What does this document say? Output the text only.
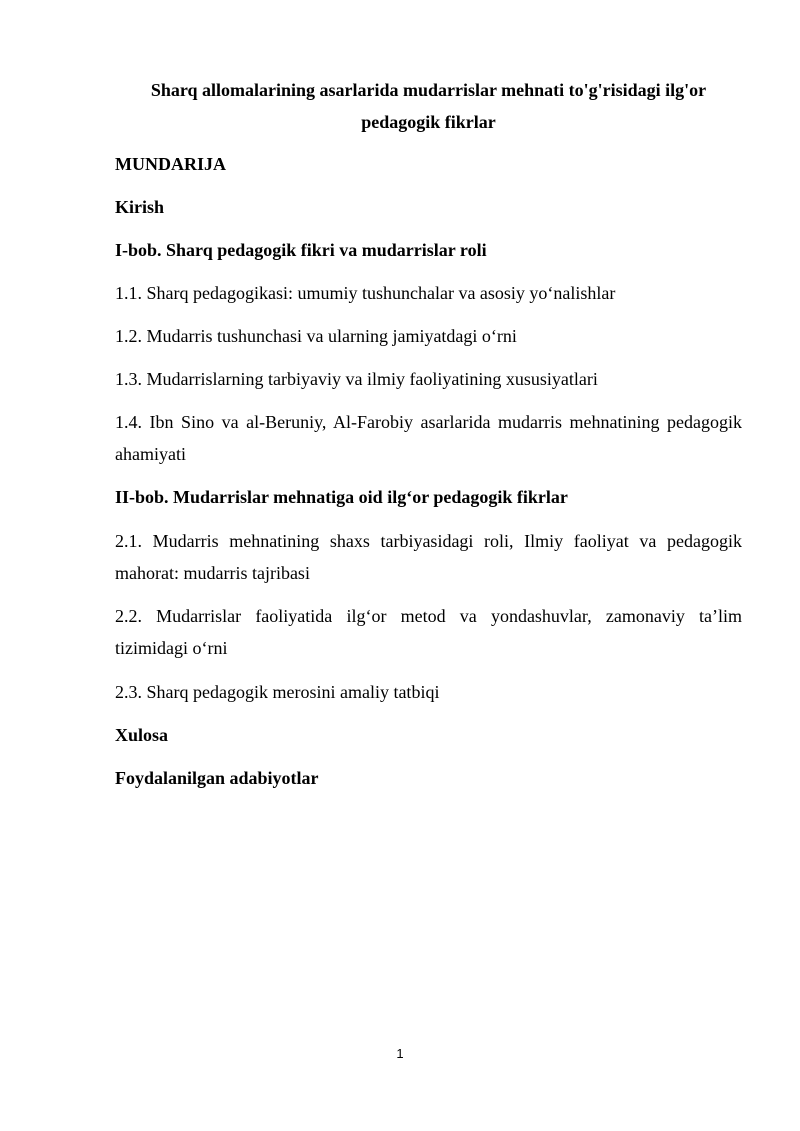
Sharq allomalarining asarlarida mudarrislar mehnati to'g'risidagi ilg'or pedagogik fikrlar

MUNDARIJA

Kirish

I-bob. Sharq pedagogik fikri va mudarrislar roli

1.1. Sharq pedagogikasi: umumiy tushunchalar va asosiy yo‘nalishlar

1.2. Mudarris tushunchasi va ularning jamiyatdagi o‘rni

1.3. Mudarrislarning tarbiyaviy va ilmiy faoliyatining xususiyatlari

1.4. Ibn Sino va al-Beruniy, Al-Farobiy asarlarida mudarris mehnatining pedagogik ahamiyati

II-bob. Mudarrislar mehnatiga oid ilg‘or pedagogik fikrlar

2.1. Mudarris mehnatining shaxs tarbiyasidagi roli, Ilmiy faoliyat va pedagogik mahorat: mudarris tajribasi

2.2. Mudarrislar faoliyatida ilg‘or metod va yondashuvlar, zamonaviy ta’lim tizimidagi o‘rni

2.3. Sharq pedagogik merosini amaliy tatbiqi

Xulosa

Foydalanilgan adabiyotlar

1
